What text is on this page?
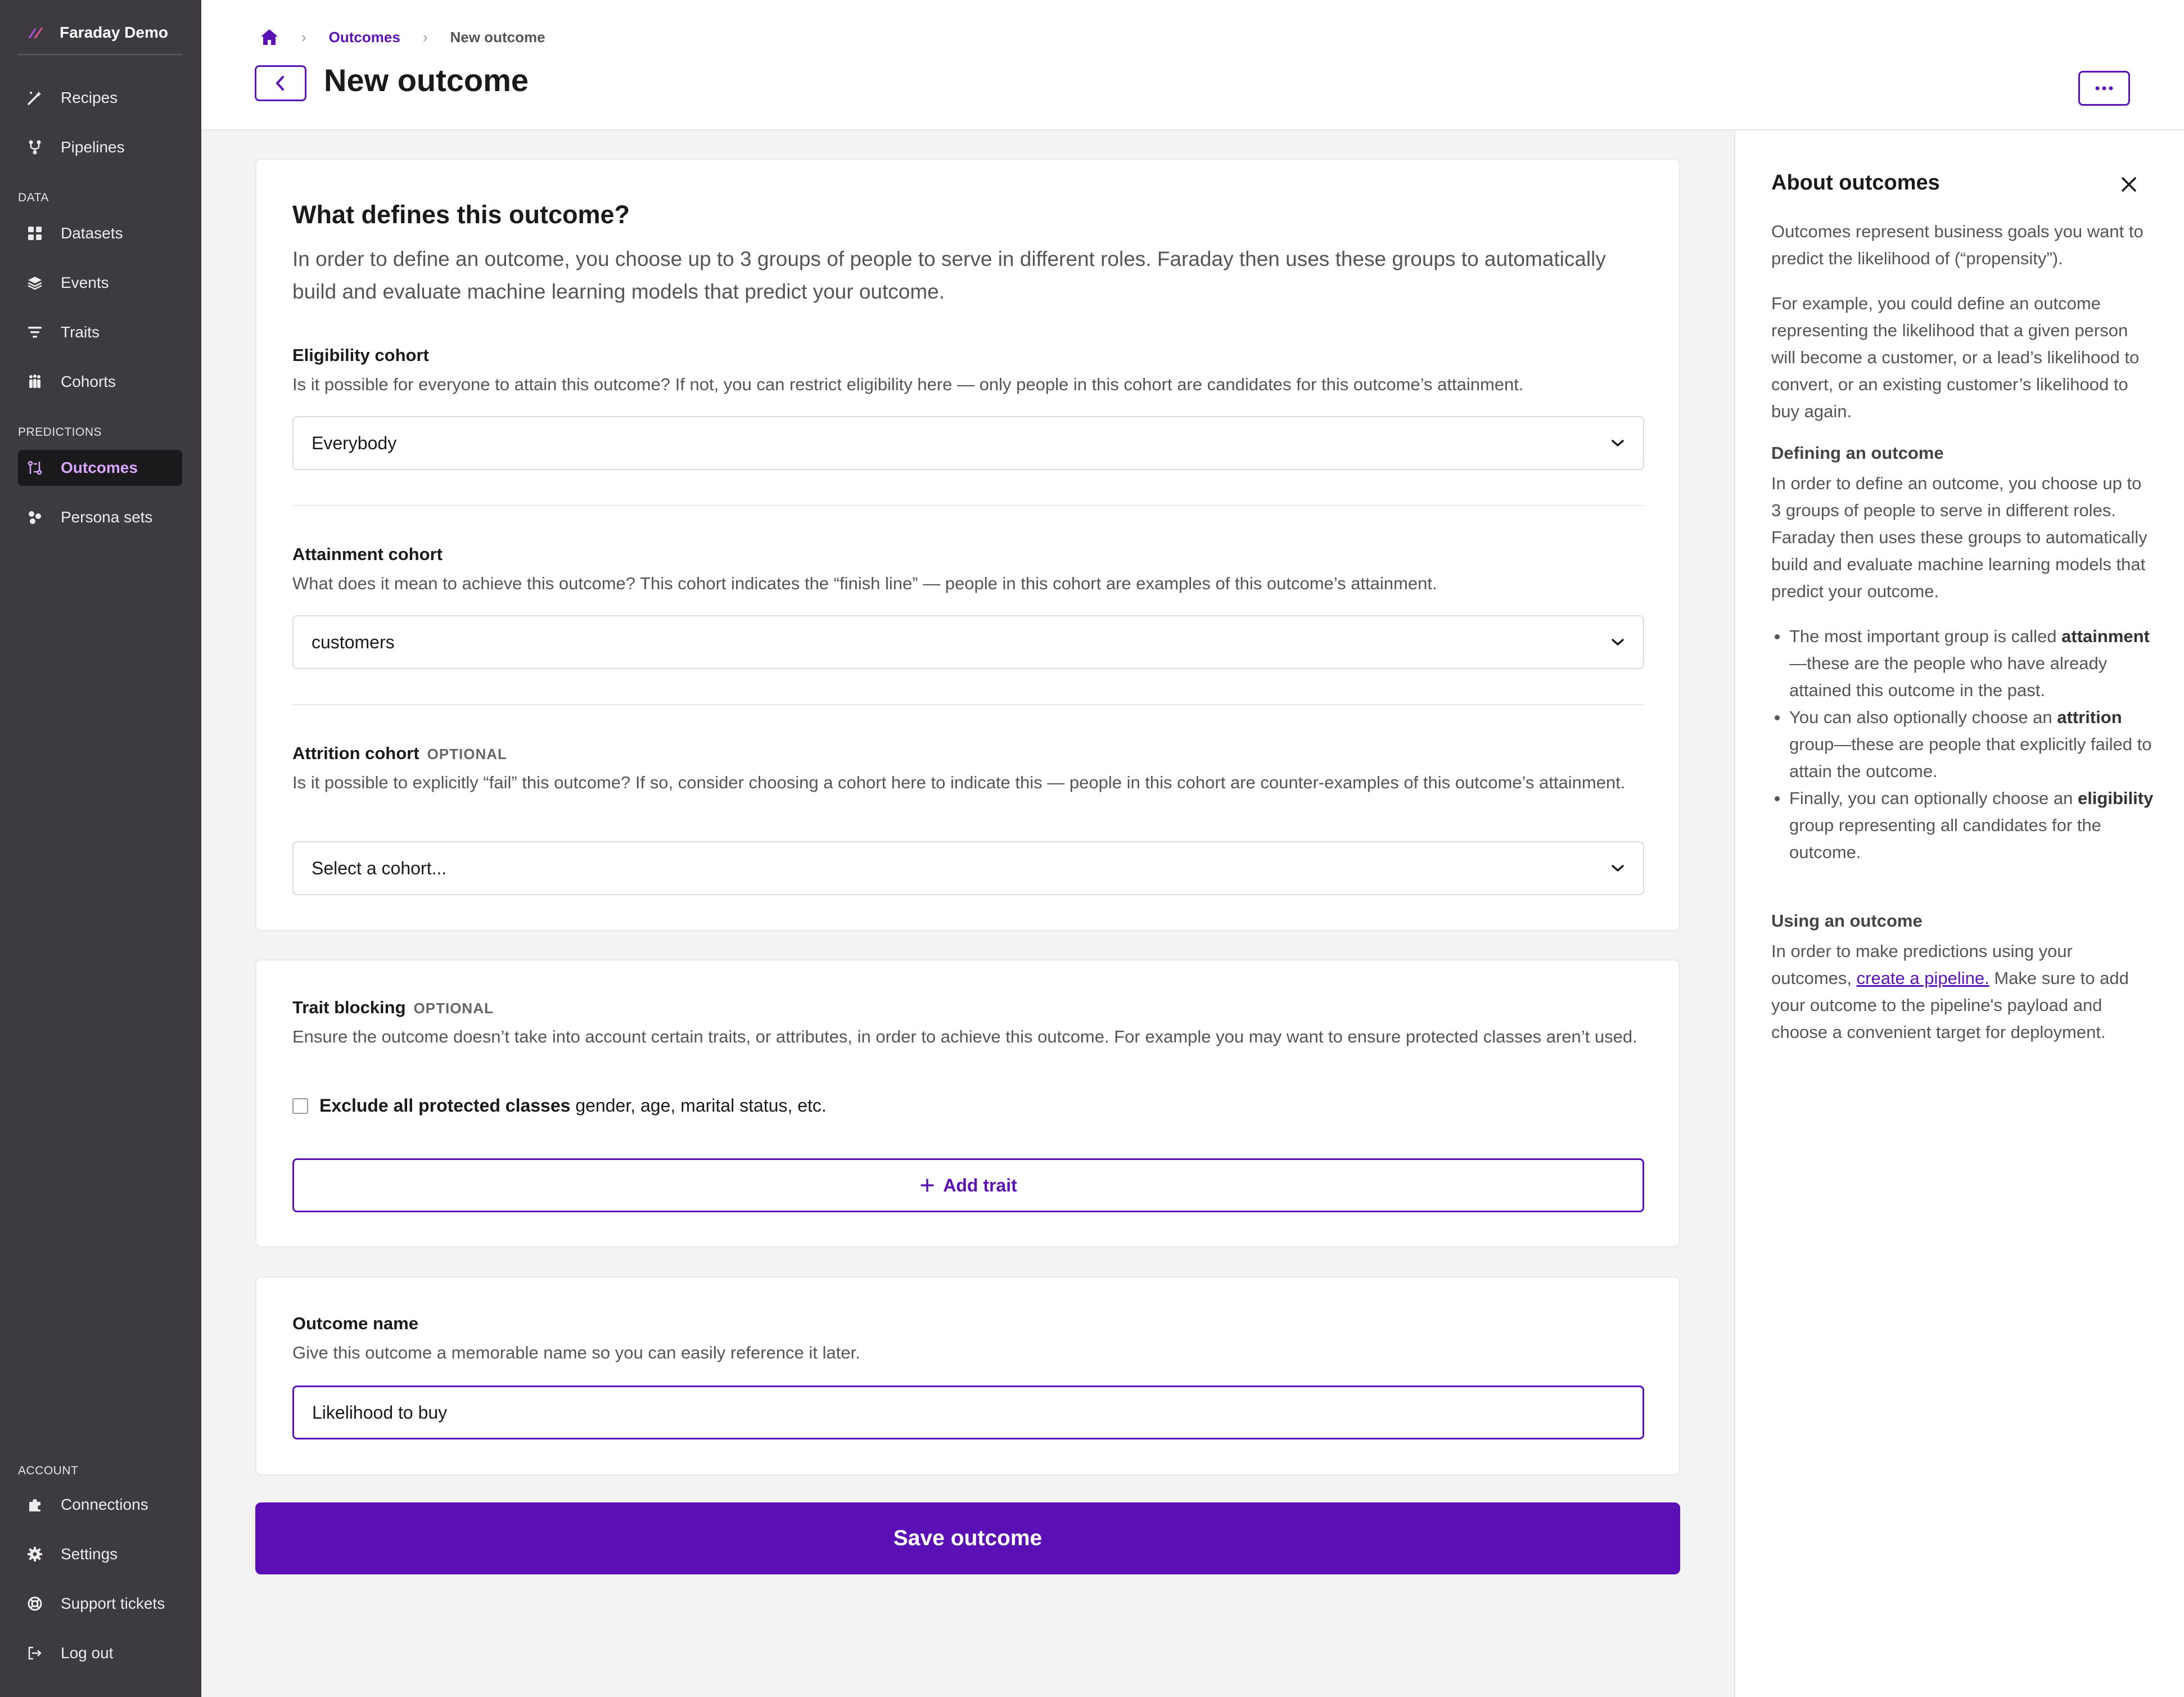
Faraday Demo
Recipes
Pipelines
DATA
Datasets
Events
Traits
Cohorts
PREDICTIONS
Outcomes
Persona sets
ACCOUNT
Connections
Settings
Support tickets
Log out
› Outcomes › New outcome
New outcome
What defines this outcome?

In order to define an outcome, you choose up to 3 groups of people to serve in different roles. Faraday then uses these groups to automatically build and evaluate machine learning models that predict your outcome.

Eligibility cohort

Is it possible for everyone to attain this outcome? If not, you can restrict eligibility here — only people in this cohort are candidates for this outcome’s attainment.

Everybody
Attainment cohort

What does it mean to achieve this outcome? This cohort indicates the “finish line” — people in this cohort are examples of this outcome’s attainment.

customers
Attrition cohort OPTIONAL

Is it possible to explicitly “fail” this outcome? If so, consider choosing a cohort here to indicate this — people in this cohort are counter-examples of this outcome’s attainment.

Select a cohort...
Trait blocking OPTIONAL

Ensure the outcome doesn’t take into account certain traits, or attributes, in order to achieve this outcome. For example you may want to ensure protected classes aren’t used.

Exclude all protected classes
gender, age, marital status, etc.
Add trait
Outcome name

Give this outcome a memorable name so you can easily reference it later.

Likelihood to buy
Save outcome
About outcomes

Outcomes represent business goals you want to predict the likelihood of (“propensity”).

For example, you could define an outcome representing the likelihood that a given person will become a customer, or a lead’s likelihood to convert, or an existing customer’s likelihood to buy again.

Defining an outcome

In order to define an outcome, you choose up to 3 groups of people to serve in different roles. Faraday then uses these groups to automatically build and evaluate machine learning models that predict your outcome.

The most important group is called attainment—these are the people who have already attained this outcome in the past.
You can also optionally choose an attrition group—these are people that explicitly failed to attain the outcome.
Finally, you can optionally choose an eligibility group representing all candidates for the outcome.
Using an outcome

In order to make predictions using your outcomes, create a pipeline. Make sure to add your outcome to the pipeline's payload and choose a convenient target for deployment.
